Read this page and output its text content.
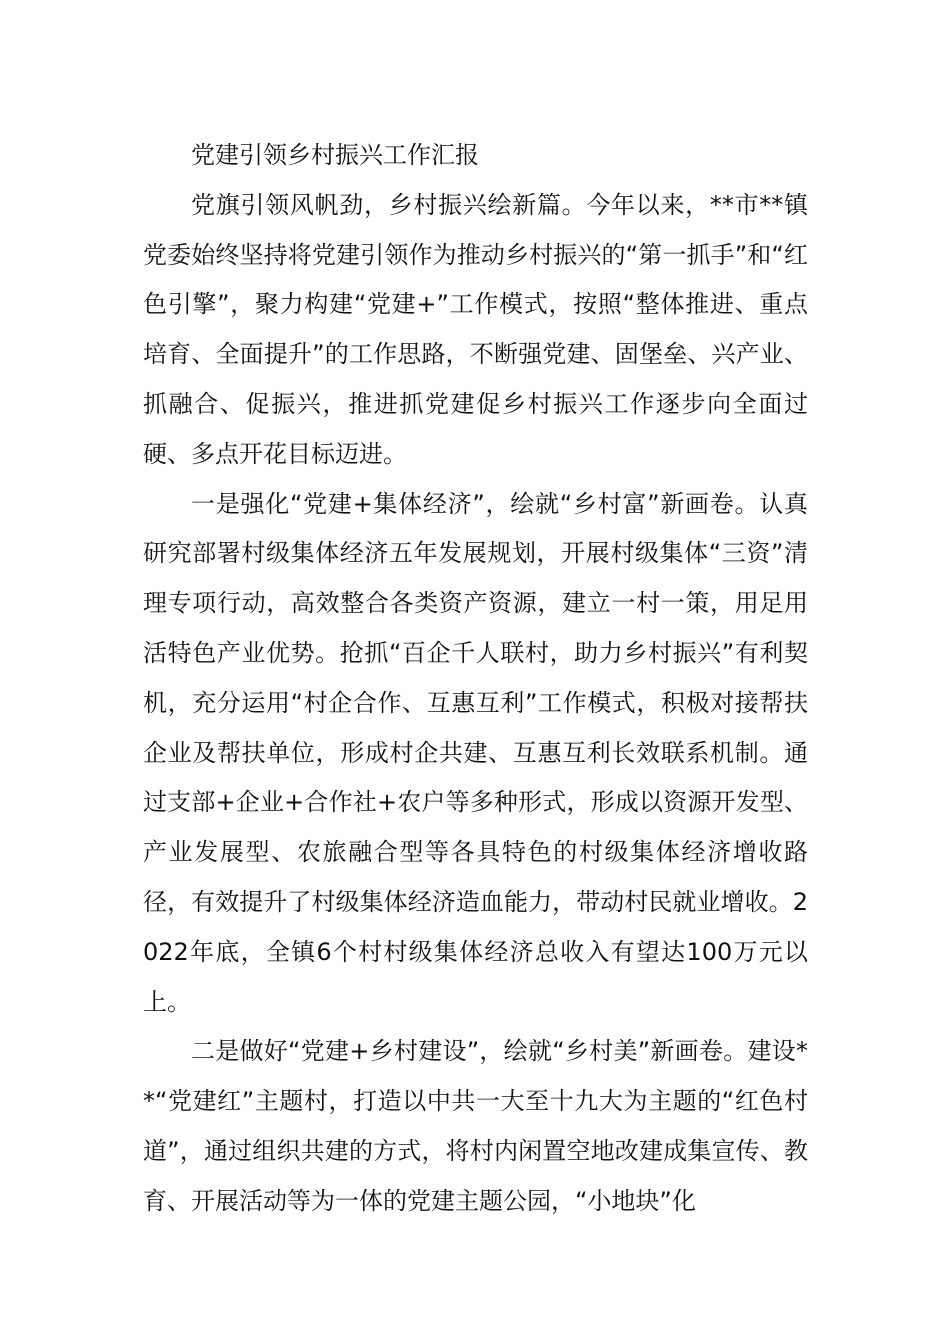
党建引领乡村振兴工作汇报

党旗引领风帆劲，乡村振兴绘新篇。今年以来，**市**镇党委始终坚持将党建引领作为推动乡村振兴的“第一抓手”和“红色引擎”，聚力构建“党建+”工作模式，按照“整体推进、重点培育、全面提升”的工作思路，不断强党建、固堡垒、兴产业、抓融合、促振兴，推进抓党建促乡村振兴工作逐步向全面过硬、多点开花目标迈进。

一是强化“党建+集体经济”，绘就“乡村富”新画卷。认真研究部署村级集体经济五年发展规划，开展村级集体“三资”清理专项行动，高效整合各类资产资源，建立一村一策，用足用活特色产业优势。抢抓“百企千人联村，助力乡村振兴”有利契机，充分运用“村企合作、互惠互利”工作模式，积极对接帮扶企业及帮扶单位，形成村企共建、互惠互利长效联系机制。通过支部+企业+合作社+农户等多种形式，形成以资源开发型、产业发展型、农旅融合型等各具特色的村级集体经济增收路径，有效提升了村级集体经济造血能力，带动村民就业增收。2022年底，全镇6个村村级集体经济总收入有望达100万元以上。

二是做好“党建+乡村建设”，绘就“乡村美”新画卷。建设**“党建红”主题村，打造以中共一大至十九大为主题的“红色村道”，通过组织共建的方式，将村内闲置空地改建成集宣传、教育、开展活动等为一体的党建主题公园，“小地块”化
